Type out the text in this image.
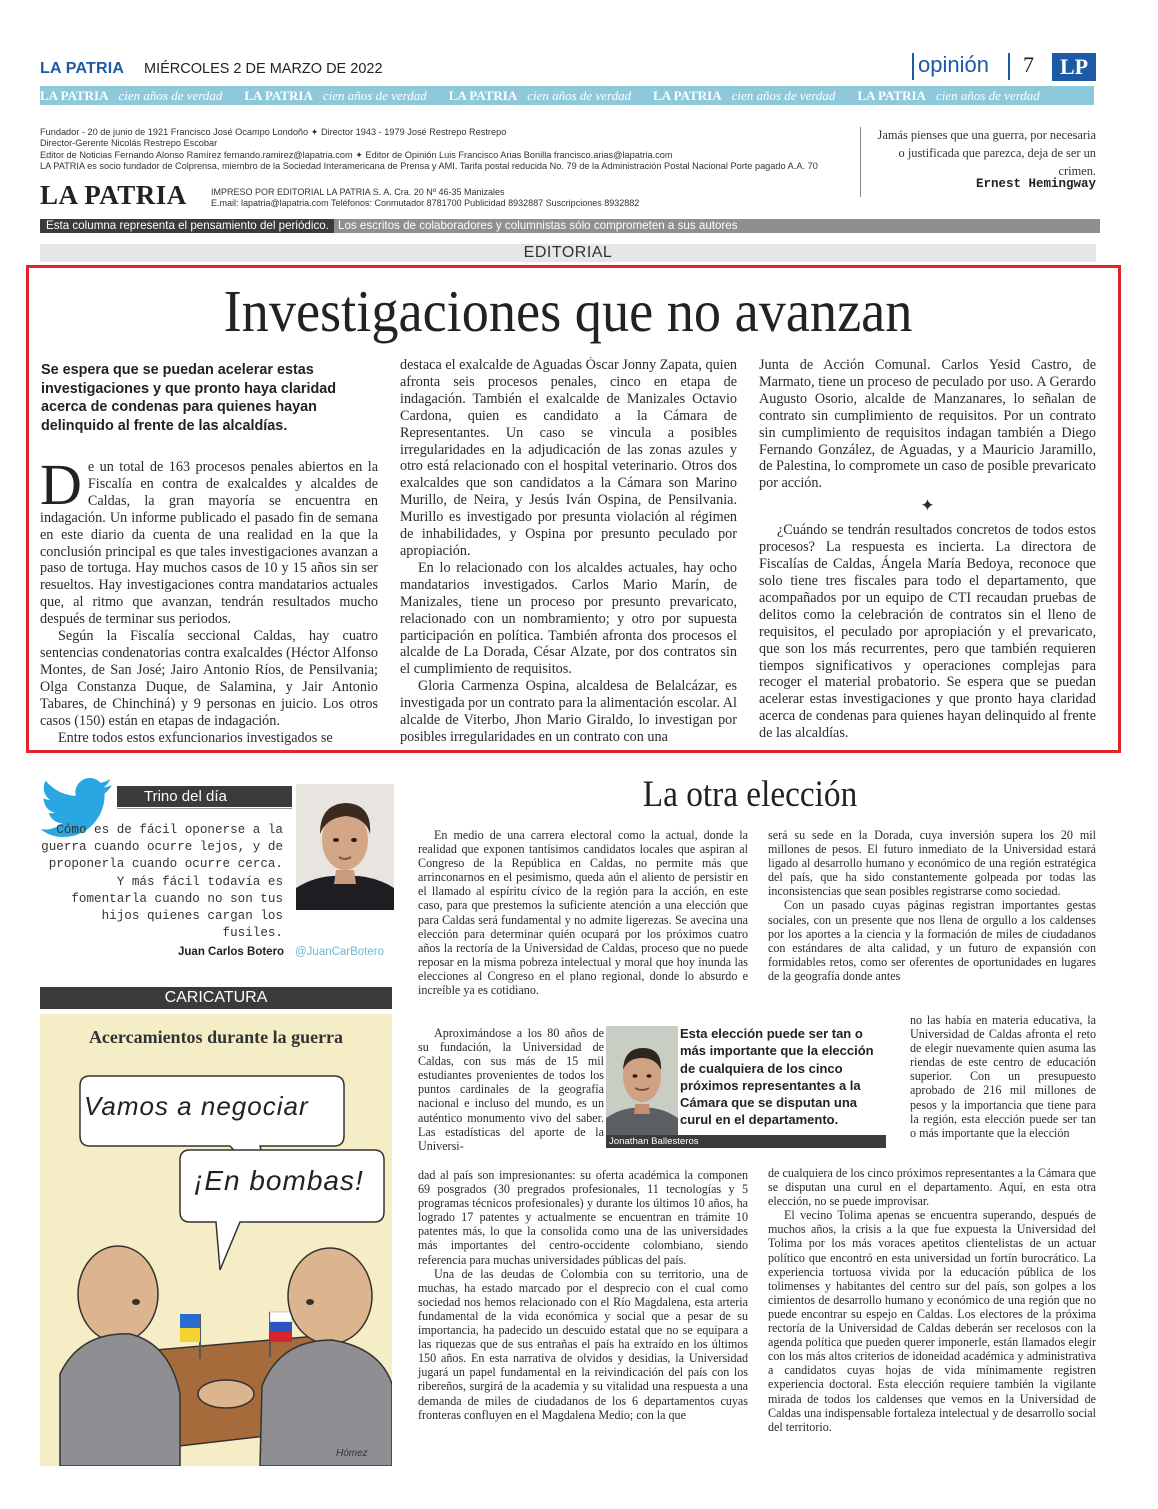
LA PATRIA MIÉRCOLES 2 DE MARZO DE 2022	opinión 7	LP
LA PATRIA cien años de verdad LA PATRIA cien años de verdad LA PATRIA cien años de verdad LA PATRIA cien años de verdad LA PATRIA cien años de verdad
Fundador - 20 de junio de 1921 Francisco José Ocampo Londoño ✦ Director 1943 - 1979 José Restrepo Restrepo
Director-Gerente Nicolás Restrepo Escobar
Editor de Noticias Fernando Alonso Ramírez fernando.ramirez@lapatria.com ✦ Editor de Opinión Luis Francisco Arias Bonilla francisco.arias@lapatria.com
LA PATRIA es socio fundador de Colprensa, miembro de la Sociedad Interamericana de Prensa y AMI. Tarifa postal reducida No. 79 de la Administración Postal Nacional Porte pagado A.A. 70
LA PATRIA	IMPRESO POR EDITORIAL LA PATRIA S. A. Cra. 20 Nº 46-35 Manizales
E.mail: lapatria@lapatria.com Teléfonos: Conmutador 8781700 Publicidad 8932887 Suscripciones 8932882
Jamás pienses que una guerra, por necesaria o justificada que parezca, deja de ser un crimen.
Ernest Hemingway
Esta columna representa el pensamiento del periódico. Los escritos de colaboradores y columnistas sólo comprometen a sus autores
EDITORIAL
Investigaciones que no avanzan
Se espera que se puedan acelerar estas investigaciones y que pronto haya claridad acerca de condenas para quienes hayan delinquido al frente de las alcaldías.

De un total de 163 procesos penales abiertos en la Fiscalía en contra de exalcaldes y alcaldes de Caldas, la gran mayoría se encuentra en indagación. Un informe publicado el pasado fin de semana en este diario da cuenta de una realidad en la que la conclusión principal es que tales investigaciones avanzan a paso de tortuga. Hay muchos casos de 10 y 15 años sin ser resueltos. Hay investigaciones contra mandatarios actuales que, al ritmo que avanzan, tendrán resultados mucho después de terminar sus periodos.

Según la Fiscalía seccional Caldas, hay cuatro sentencias condenatorias contra exalcaldes (Héctor Alfonso Montes, de San José; Jairo Antonio Ríos, de Pensilvania; Olga Constanza Duque, de Salamina, y Jair Antonio Tabares, de Chinchiná) y 9 personas en juicio. Los otros casos (150) están en etapas de indagación.

Entre todos estos exfuncionarios investigados se

destaca el exalcalde de Aguadas Óscar Jonny Zapata, quien afronta seis procesos penales, cinco en etapa de indagación. También el exalcalde de Manizales Octavio Cardona, quien es candidato a la Cámara de Representantes. Un caso se vincula a posibles irregularidades en la adjudicación de las zonas azules y otro está relacionado con el hospital veterinario. Otros dos exalcaldes que son candidatos a la Cámara son Marino Murillo, de Neira, y Jesús Iván Ospina, de Pensilvania. Murillo es investigado por presunta violación al régimen de inhabilidades, y Ospina por presunto peculado por apropiación.

En lo relacionado con los alcaldes actuales, hay ocho mandatarios investigados. Carlos Mario Marín, de Manizales, tiene un proceso por presunto prevaricato, relacionado con un nombramiento; y otro por supuesta participación en política. También afronta dos procesos el alcalde de La Dorada, César Alzate, por dos contratos sin el cumplimiento de requisitos.

Gloria Carmenza Ospina, alcaldesa de Belalcázar, es investigada por un contrato para la alimentación escolar. Al alcalde de Viterbo, Jhon Mario Giraldo, lo investigan por posibles irregularidades en un contrato con una

Junta de Acción Comunal. Carlos Yesid Castro, de Marmato, tiene un proceso de peculado por uso. A Gerardo Augusto Osorio, alcalde de Manzanares, lo señalan de contrato sin cumplimiento de requisitos. Por un contrato sin cumplimiento de requisitos indagan también a Diego Fernando González, de Aguadas, y a Mauricio Jaramillo, de Palestina, lo compromete un caso de posible prevaricato por acción.

✦

¿Cuándo se tendrán resultados concretos de todos estos procesos? La respuesta es incierta. La directora de Fiscalías de Caldas, Ángela María Bedoya, reconoce que solo tiene tres fiscales para todo el departamento, que acompañados por un equipo de CTI recaudan pruebas de delitos como la celebración de contratos sin el lleno de requisitos, el peculado por apropiación y el prevaricato, que son los más recurrentes, pero que también requieren tiempos significativos y operaciones complejas para recoger el material probatorio. Se espera que se puedan acelerar estas investigaciones y que pronto haya claridad acerca de condenas para quienes hayan delinquido al frente de las alcaldías.

Trino del día
Cómo es de fácil oponerse a la guerra cuando ocurre lejos, y de proponerla cuando ocurre cerca. Y más fácil todavía es fomentarla cuando no son tus hijos quienes cargan los fusiles.
Juan Carlos Botero @JuanCarBotero
CARICATURA
Acercamientos durante la guerra
Vamos a negociar
¡En bombas!
Hómez
La otra elección

En medio de una carrera electoral como la actual, donde la realidad que exponen tantísimos candidatos locales que aspiran al Congreso de la República en Caldas, no permite más que arrinconarnos en el pesimismo, queda aún el aliento de persistir en el llamado al espíritu cívico de la región para la acción, en este caso, para que prestemos la suficiente atención a una elección que para Caldas será fundamental y no admite ligerezas. Se avecina una elección para determinar quién ocupará por los próximos cuatro años la rectoría de la Universidad de Caldas, proceso que no puede reposar en la misma pobreza intelectual y moral que hoy inunda las elecciones al Congreso en el plano regional, donde lo absurdo e increíble ya es cotidiano.

Aproximándose a los 80 años de su fundación, la Universidad de Caldas, con sus más de 15 mil estudiantes provenientes de todos los puntos cardinales de la geografía nacional e incluso del mundo, es un auténtico monumento vivo del saber. Las estadísticas del aporte de la Universi-	Jonathan Ballesteros
Esta elección puede ser tan o más importante que la elección de cualquiera de los cinco próximos representantes a la Cámara que se disputan una curul en el departamento.

dad al país son impresionantes: su oferta académica la componen 69 posgrados (30 pregrados profesionales, 11 tecnologías y 5 programas técnicos profesionales) y durante los últimos 10 años, ha logrado 17 patentes y actualmente se encuentran en trámite 10 patentes más, lo que la consolida como una de las universidades más importantes del centro-occidente colombiano, siendo referencia para muchas universidades públicas del país.

Una de las deudas de Colombia con su territorio, una de muchas, ha estado marcado por el desprecio con el cual como sociedad nos hemos relacionado con el Río Magdalena, esta arteria fundamental de la vida económica y social que a pesar de su importancia, ha padecido un descuido estatal que no se equipara a las riquezas que de sus entrañas el país ha extraído en los últimos 150 años. En esta narrativa de olvidos y desidias, la Universidad jugará un papel fundamental en la reivindicación del país con los ribereños, surgirá de la academia y su vitalidad una respuesta a una demanda de miles de ciudadanos de los 6 departamentos cuyas fronteras confluyen en el Magdalena Medio; con la que

será su sede en la Dorada, cuya inversión supera los 20 mil millones de pesos. El futuro inmediato de la Universidad estará ligado al desarrollo humano y económico de una región estratégica del país, que ha sido constantemente golpeada por todas las inconsistencias que sean posibles registrarse como sociedad.

Con un pasado cuyas páginas registran importantes gestas sociales, con un presente que nos llena de orgullo a los caldenses por los aportes a la ciencia y la formación de miles de ciudadanos con estándares de alta calidad, y un futuro de expansión con formidables retos, como ser oferentes de oportunidades en lugares de la geografía donde antes

no las había en materia educativa, la Universidad de Caldas afronta el reto de elegir nuevamente quien asuma las riendas de este centro de educación superior. Con un presupuesto aprobado de 216 mil millones de pesos y la importancia que tiene para la región, esta elección puede ser tan o más importante que la elección

de cualquiera de los cinco próximos representantes a la Cámara que se disputan una curul en el departamento. Aquí, en esta otra elección, no se puede improvisar.

El vecino Tolima apenas se encuentra superando, después de muchos años, la crisis a la que fue expuesta la Universidad del Tolima por los más voraces apetitos clientelistas de un actuar político que encontró en esta universidad un fortín burocrático. La experiencia tortuosa vivida por la educación pública de los tolimenses y habitantes del centro sur del país, son golpes a los cimientos de desarrollo humano y económico de una región que no puede encontrar su espejo en Caldas. Los electores de la próxima rectoría de la Universidad de Caldas deberán ser recelosos con la agenda política que pueden querer imponerle, están llamados elegir con los más altos criterios de idoneidad académica y administrativa a candidatos cuyas hojas de vida mínimamente registren experiencia doctoral. Esta elección requiere también la vigilante mirada de todos los caldenses que vemos en la Universidad de Caldas una indispensable fortaleza intelectual y de desarrollo social del territorio.
